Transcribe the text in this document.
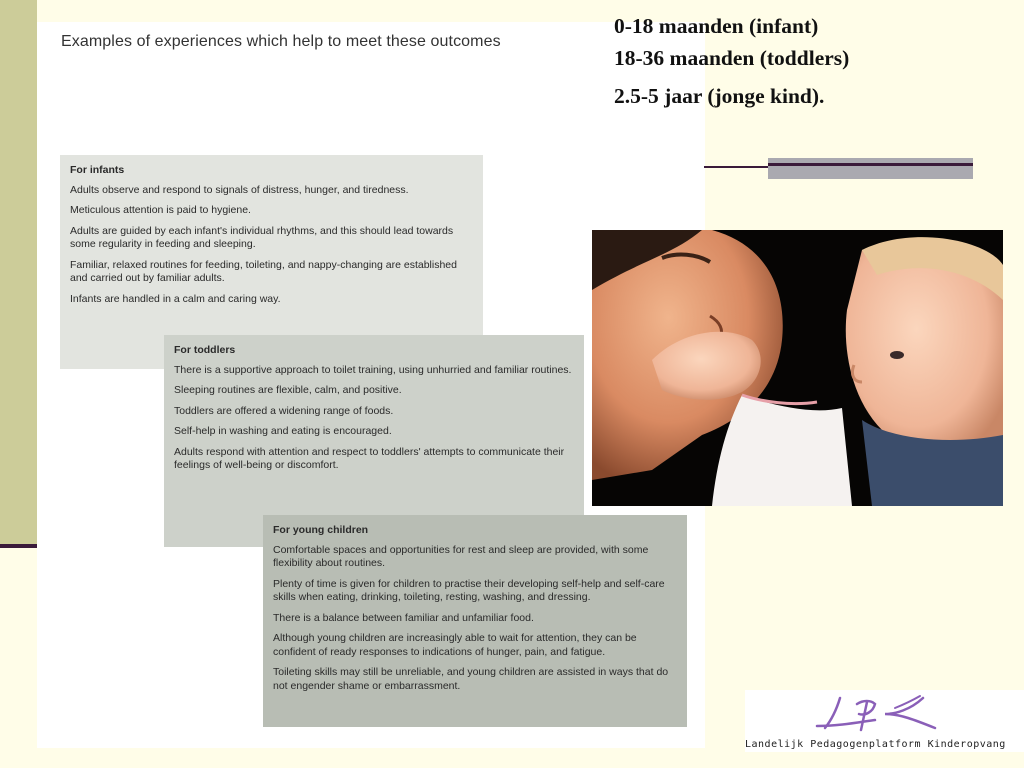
Examples of experiences which help to meet these outcomes
For infants
Adults observe and respond to signals of distress, hunger, and tiredness.
Meticulous attention is paid to hygiene.
Adults are guided by each infant's individual rhythms, and this should lead towards some regularity in feeding and sleeping.
Familiar, relaxed routines for feeding, toileting, and nappy-changing are established and carried out by familiar adults.
Infants are handled in a calm and caring way.
For toddlers
There is a supportive approach to toilet training, using unhurried and familiar routines.
Sleeping routines are flexible, calm, and positive.
Toddlers are offered a widening range of foods.
Self-help in washing and eating is encouraged.
Adults respond with attention and respect to toddlers' attempts to communicate their feelings of well-being or discomfort.
For young children
Comfortable spaces and opportunities for rest and sleep are provided, with some flexibility about routines.
Plenty of time is given for children to practise their developing self-help and self-care skills when eating, drinking, toileting, resting, washing, and dressing.
There is a balance between familiar and unfamiliar food.
Although young children are increasingly able to wait for attention, they can be confident of ready responses to indications of hunger, pain, and fatigue.
Toileting skills may still be unreliable, and young children are assisted in ways that do not engender shame or embarrassment.
0-18 maanden (infant)
18-36 maanden (toddlers)
2.5-5 jaar (jonge kind).
Landelijk Pedagogenplatform Kinderopvang
